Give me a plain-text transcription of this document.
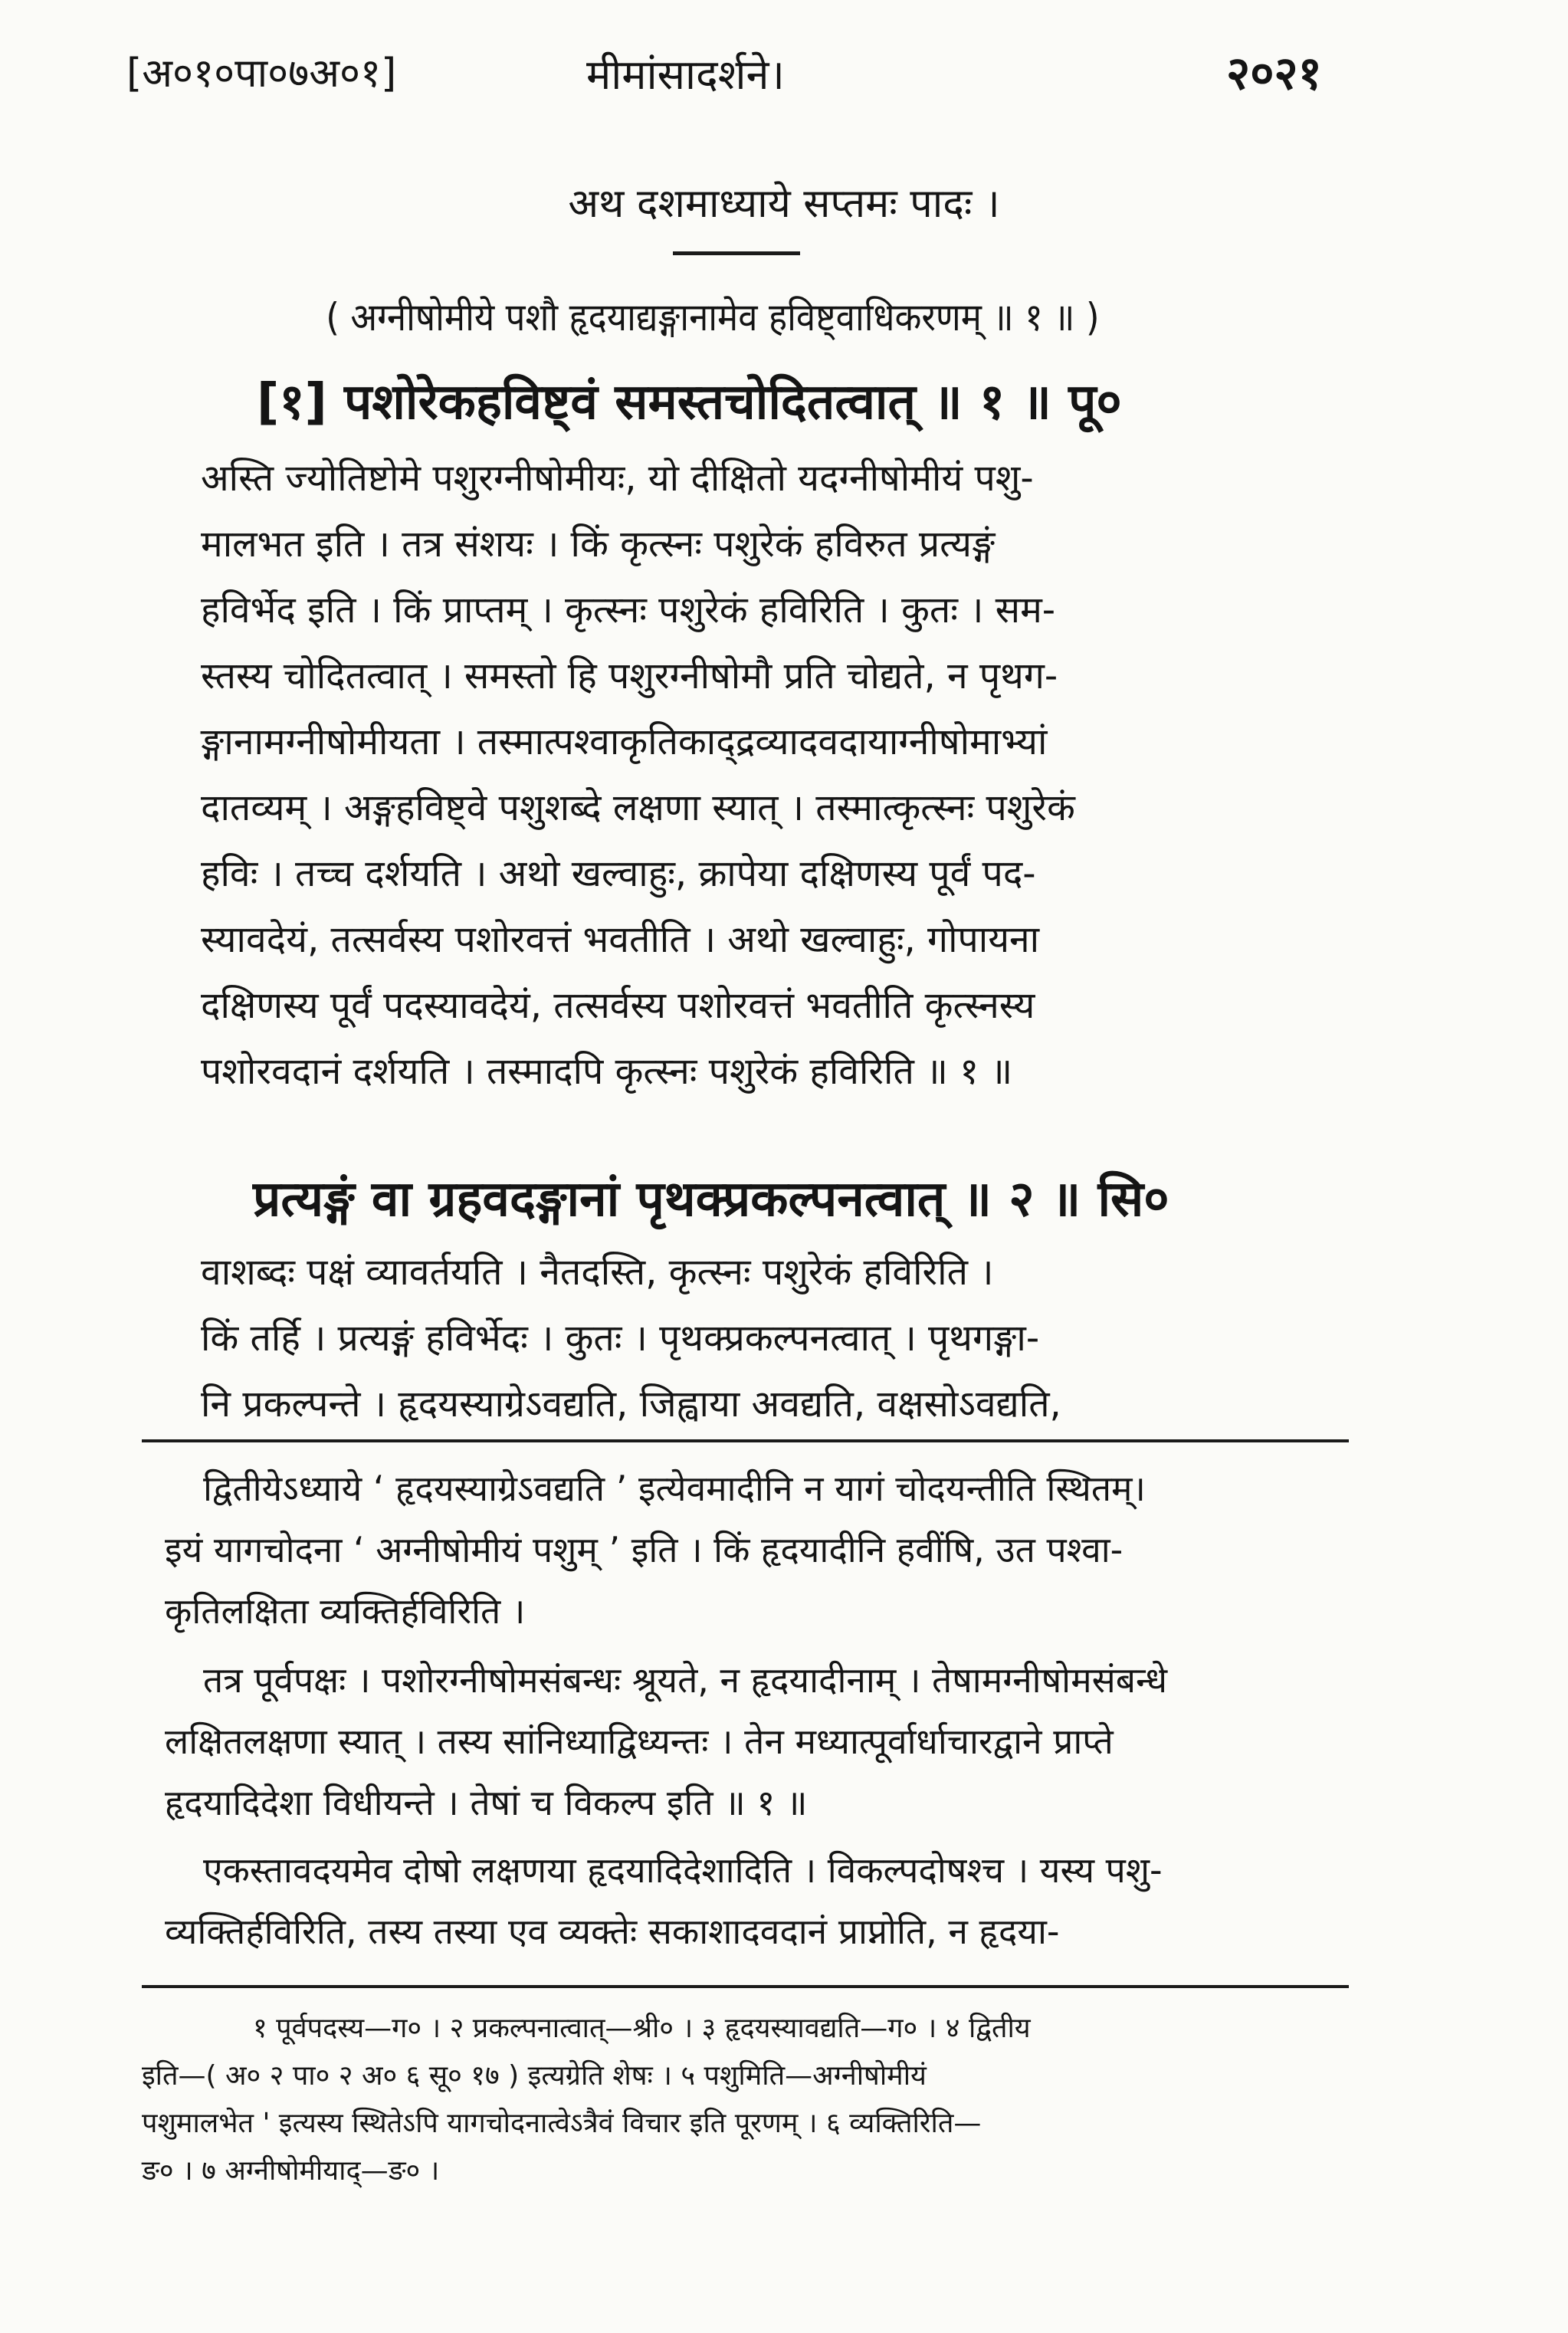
[अ०१०पा०७अ०१]	मीमांसादर्शने।	२०२१
अथ दशमाध्याये सप्तमः पादः ।
( अग्नीषोमीये पशौ हृदयाद्यङ्गानामेव हविष्ट्वाधिकरणम् ॥ १ ॥ )
[१] पशोरेकहविष्ट्वं समस्तचोदितत्वात् ॥ १ ॥ पू०
अस्ति ज्योतिष्टोमे पशुरग्नीषोमीयः, यो दीक्षितो यदग्नीषोमीयं पशु-
मालभत इति । तत्र संशयः । किं कृत्स्नः पशुरेकं हविरुत प्रत्यङ्गं
हविर्भेद इति । किं प्राप्तम् । कृत्स्नः पशुरेकं हविरिति । कुतः । सम-
स्तस्य चोदितत्वात् । समस्तो हि पशुरग्नीषोमौ प्रति चोद्यते, न पृथग-
ङ्गानामग्नीषोमीयता । तस्मात्पश्वाकृतिकाद्द्रव्यादवदायाग्नीषोमाभ्यां
दातव्यम् । अङ्गहविष्ट्वे पशुशब्दे लक्षणा स्यात् । तस्मात्कृत्स्नः पशुरेकं
हविः । तच्च दर्शयति । अथो खल्वाहुः, क्रापेया दक्षिणस्य पूर्वं पद-
स्यावदेयं, तत्सर्वस्य पशोरवत्तं भवतीति । अथो खल्वाहुः, गोपायना
दक्षिणस्य पूर्वं पदस्यावदेयं, तत्सर्वस्य पशोरवत्तं भवतीति कृत्स्नस्य
पशोरवदानं दर्शयति । तस्मादपि कृत्स्नः पशुरेकं हविरिति ॥ १ ॥
प्रत्यङ्गं वा ग्रहवदङ्गानां पृथक्प्रकल्पनत्वात् ॥ २ ॥ सि०
वाशब्दः पक्षं व्यावर्तयति । नैतदस्ति, कृत्स्नः पशुरेकं हविरिति ।
किं तर्हि । प्रत्यङ्गं हविर्भेदः । कुतः । पृथक्प्रकल्पनत्वात् । पृथगङ्गा-
नि प्रकल्पन्ते । हृदयस्याग्रेऽवद्यति, जिह्वाया अवद्यति, वक्षसोऽवद्यति,
द्वितीयेऽध्याये ‘ हृदयस्याग्रेऽवद्यति ’ इत्येवमादीनि न यागं चोदयन्तीति स्थितम्।
इयं यागचोदना ‘ अग्नीषोमीयं पशुम् ’ इति । किं हृदयादीनि हवींषि, उत पश्वा-
कृतिलक्षिता व्यक्तिर्हविरिति ।
तत्र पूर्वपक्षः । पशोरग्नीषोमसंबन्धः श्रूयते, न हृदयादीनाम् । तेषामग्नीषोमसंबन्धे
लक्षितलक्षणा स्यात् । तस्य सांनिध्याद्विध्यन्तः । तेन मध्यात्पूर्वार्धाचारद्वाने प्राप्ते
हृदयादिदेशा विधीयन्ते । तेषां च विकल्प इति ॥ १ ॥
एकस्तावदयमेव दोषो लक्षणया हृदयादिदेशादिति । विकल्पदोषश्च । यस्य पशु-
व्यक्तिर्हविरिति, तस्य तस्या एव व्यक्तेः सकाशादवदानं प्राप्नोति, न हृदया-
१ पूर्वपदस्य—ग० । २ प्रकल्पनात्वात्—श्री० । ३ हृदयस्यावद्यति—ग० । ४ द्वितीय
इति—( अ० २ पा० २ अ० ६ सू० १७ ) इत्यग्रेति शेषः । ५ पशुमिति—अग्नीषोमीयं
पशुमालभेत ' इत्यस्य स्थितेऽपि यागचोदनात्वेऽत्रैवं विचार इति पूरणम् । ६ व्यक्तिरिति—
ङ० । ७ अग्नीषोमीयाद्—ङ० ।
